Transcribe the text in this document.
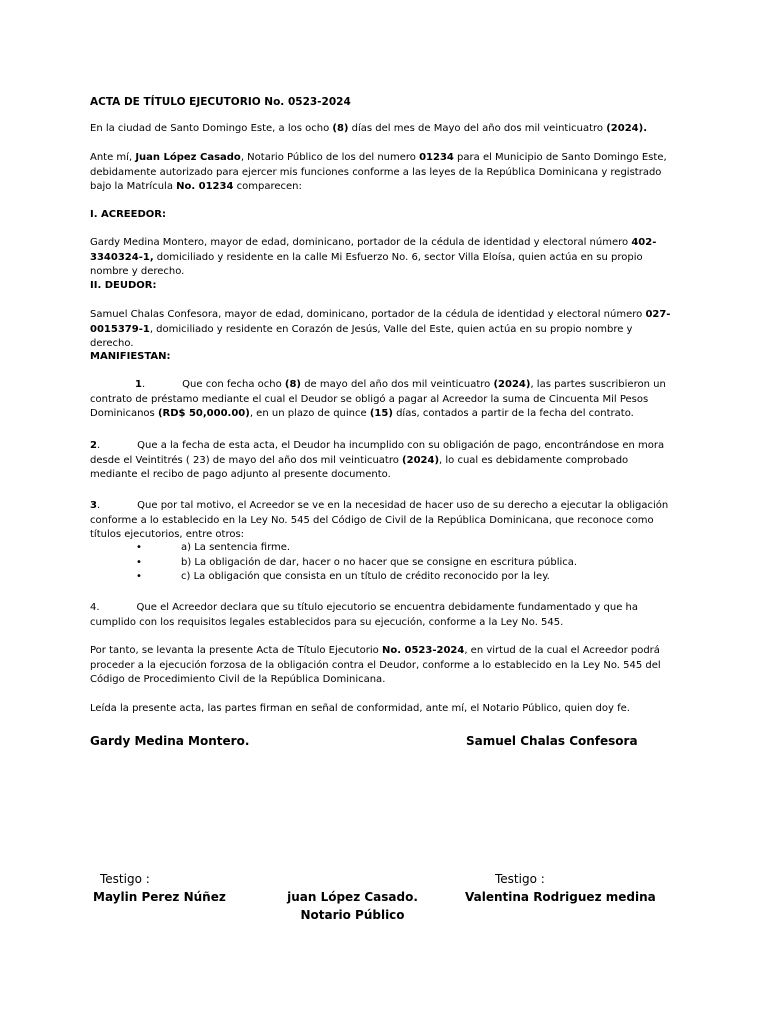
ACTA DE TÍTULO EJECUTORIO No. 0523-2024

En la ciudad de Santo Domingo Este, a los ocho (8) días del mes de Mayo del año dos mil veinticuatro (2024).

Ante mí, Juan López Casado, Notario Público de los del numero 01234 para el Municipio de Santo Domingo Este, debidamente autorizado para ejercer mis funciones conforme a las leyes de la República Dominicana y registrado bajo la Matrícula No. 01234 comparecen:

I. ACREEDOR:

Gardy Medina Montero, mayor de edad, dominicano, portador de la cédula de identidad y electoral número 402-3340324-1, domiciliado y residente en la calle Mi Esfuerzo No. 6, sector Villa Eloísa, quien actúa en su propio nombre y derecho.

II. DEUDOR:

Samuel Chalas Confesora, mayor de edad, dominicano, portador de la cédula de identidad y electoral número 027-0015379-1, domiciliado y residente en Corazón de Jesús, Valle del Este, quien actúa en su propio nombre y derecho.

MANIFIESTAN:

1.	Que con fecha ocho (8) de mayo del año dos mil veinticuatro (2024), las partes suscribieron un contrato de préstamo mediante el cual el Deudor se obligó a pagar al Acreedor la suma de Cincuenta Mil Pesos Dominicanos (RD$ 50,000.00), en un plazo de quince (15) días, contados a partir de la fecha del contrato.

2.	Que a la fecha de esta acta, el Deudor ha incumplido con su obligación de pago, encontrándose en mora desde el Veintitrés ( 23) de mayo del año dos mil veinticuatro (2024), lo cual es debidamente comprobado mediante el recibo de pago adjunto al presente documento.

3.	Que por tal motivo, el Acreedor se ve en la necesidad de hacer uso de su derecho a ejecutar la obligación conforme a lo establecido en la Ley No. 545 del Código de Civil de la República Dominicana, que reconoce como títulos ejecutorios, entre otros:

•	a) La sentencia firme.
•	b) La obligación de dar, hacer o no hacer que se consigne en escritura pública.
•	c) La obligación que consista en un título de crédito reconocido por la ley.

4.	Que el Acreedor declara que su título ejecutorio se encuentra debidamente fundamentado y que ha cumplido con los requisitos legales establecidos para su ejecución, conforme a la Ley No. 545.

Por tanto, se levanta la presente Acta de Título Ejecutorio No. 0523-2024, en virtud de la cual el Acreedor podrá proceder a la ejecución forzosa de la obligación contra el Deudor, conforme a lo establecido en la Ley No. 545 del Código de Procedimiento Civil de la República Dominicana.

Leída la presente acta, las partes firman en señal de conformidad, ante mí, el Notario Público, quien doy fe.

Gardy Medina Montero.	Samuel Chalas Confesora
Testigo :
Maylin Perez Núñez	juan López Casado.
Notario Público
Testigo :
Valentina Rodriguez medina
